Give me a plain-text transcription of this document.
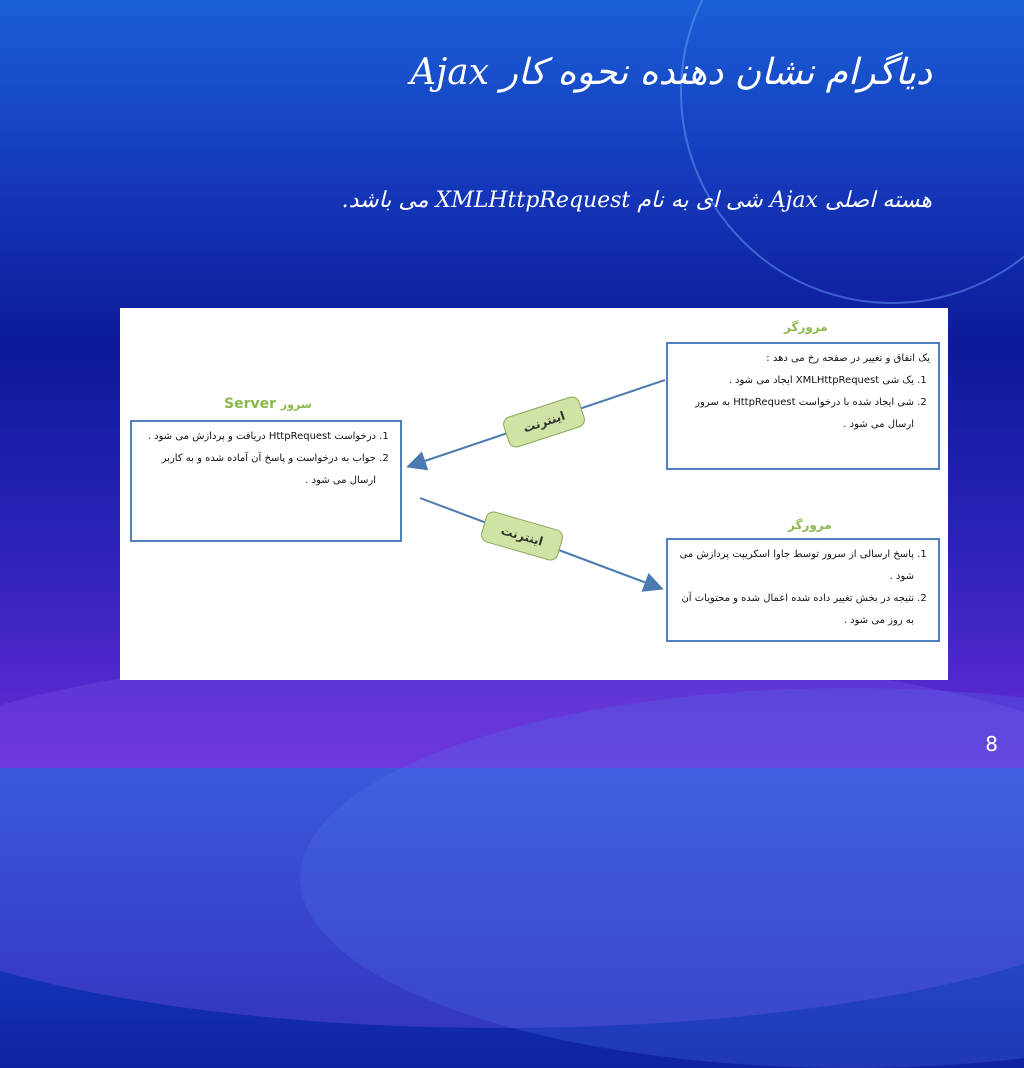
دیاگرام نشان دهنده نحوه کار Ajax
هسته اصلی Ajax شی ای به نام XMLHttpRequest می باشد.
مرورگر
یک اتفاق و تغییر در صفحه رخ می دهد :
1. یک شی XMLHttpRequest ایجاد می شود .
2. شی ایجاد شده با درخواست HttpRequest به سرور ارسال می شود .
Server سرور
1. درخواست HttpRequest دریافت و پردازش می شود .
2. جواب به درخواست و پاسخ آن آماده شده و به کاربر ارسال می شود .
مرورگر
1. پاسخ ارسالی از سرور توسط جاوا اسکریپت پردازش می شود .
2. نتیجه در بخش تغییر داده شده اعمال شده و محتویات آن به روز می شود .
اینترنت
اینترنت
8
